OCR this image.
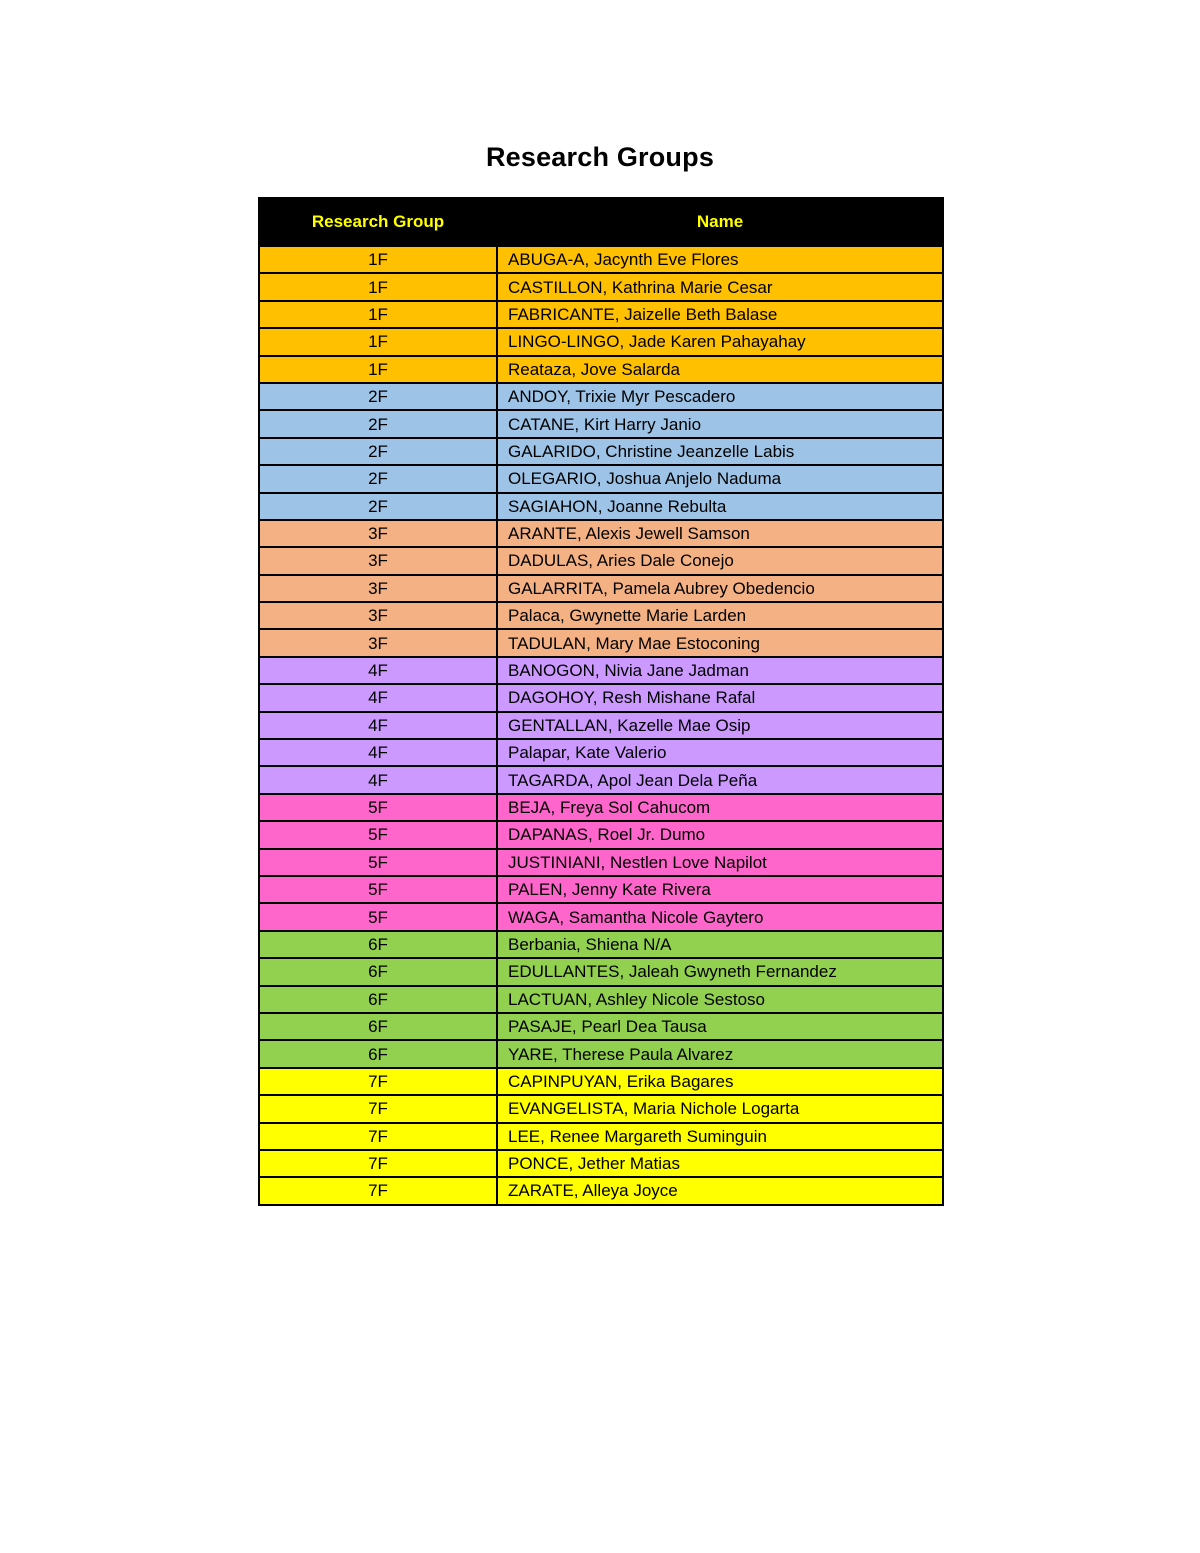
Research Groups
Research Group	Name
1F	ABUGA-A, Jacynth Eve Flores
1F	CASTILLON, Kathrina Marie Cesar
1F	FABRICANTE, Jaizelle Beth Balase
1F	LINGO-LINGO, Jade Karen Pahayahay
1F	Reataza, Jove Salarda
2F	ANDOY, Trixie Myr Pescadero
2F	CATANE, Kirt Harry Janio
2F	GALARIDO, Christine Jeanzelle Labis
2F	OLEGARIO, Joshua Anjelo Naduma
2F	SAGIAHON, Joanne Rebulta
3F	ARANTE, Alexis Jewell Samson
3F	DADULAS, Aries Dale Conejo
3F	GALARRITA, Pamela Aubrey Obedencio
3F	Palaca, Gwynette Marie Larden
3F	TADULAN, Mary Mae Estoconing
4F	BANOGON, Nivia Jane Jadman
4F	DAGOHOY, Resh Mishane Rafal
4F	GENTALLAN, Kazelle Mae Osip
4F	Palapar, Kate Valerio
4F	TAGARDA, Apol Jean Dela Peña
5F	BEJA, Freya Sol Cahucom
5F	DAPANAS, Roel Jr. Dumo
5F	JUSTINIANI, Nestlen Love Napilot
5F	PALEN, Jenny Kate Rivera
5F	WAGA, Samantha Nicole Gaytero
6F	Berbania, Shiena N/A
6F	EDULLANTES, Jaleah Gwyneth Fernandez
6F	LACTUAN, Ashley Nicole Sestoso
6F	PASAJE, Pearl Dea Tausa
6F	YARE, Therese Paula Alvarez
7F	CAPINPUYAN, Erika Bagares
7F	EVANGELISTA, Maria Nichole Logarta
7F	LEE, Renee Margareth Suminguin
7F	PONCE, Jether Matias
7F	ZARATE, Alleya Joyce
